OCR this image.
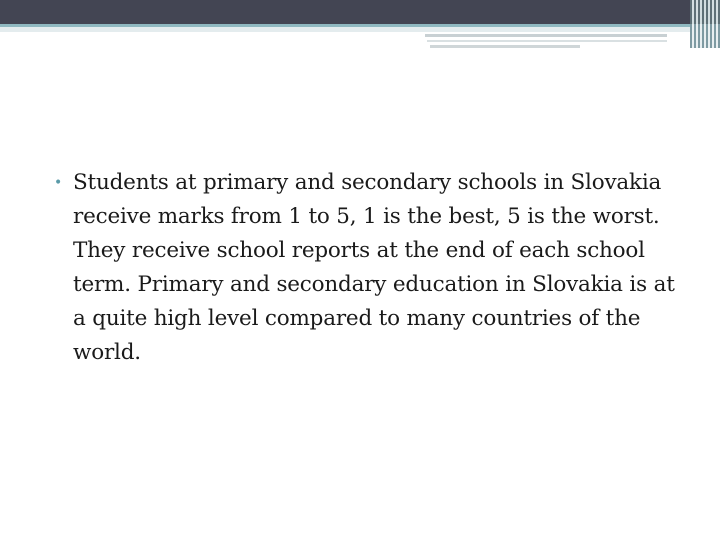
• Students at primary and secondary schools in Slovakia receive marks from 1 to 5, 1 is the best, 5 is the worst. They receive school reports at the end of each school term. Primary and secondary education in Slovakia is at a quite high level compared to many countries of the world.
